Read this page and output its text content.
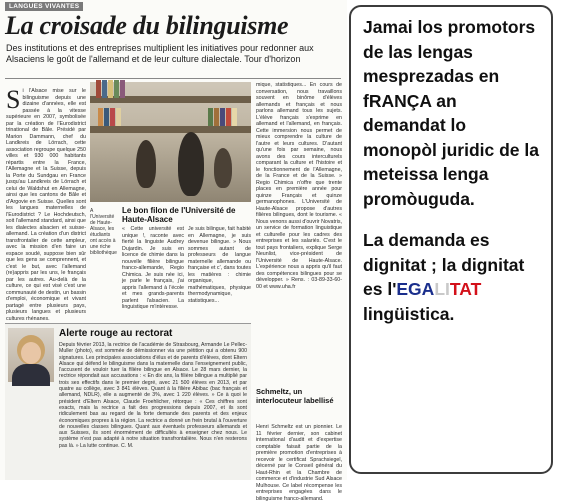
LANGUES VIVANTES
La croisade du bilinguisme
Des institutions et des entreprises multiplient les initiatives pour redonner aux Alsaciens le goût de l'allemand et de leur culture dialectale. Tour d'horizon
Si l'Alsace mise sur le bilinguisme depuis une dizaine d'années, elle est passée à la vitesse supérieure en 2007, symbolisée par la création de l'Eurodistrict trinational de Bâle. Présidé par Marion Dammann, chef du Landkreis de Lörrach, cette association regroupe quelque 250 villes et 930 000 habitants répartis entre la France, l'Allemagne et la Suisse, depuis la Porte du Sundgau en France jusqu'au Landkreis de Lörrach et celui de Waldshut en Allemagne, ainsi que les cantons de Bâle et d'Argovie en Suisse. Quelles sont les langues maternelles de l'Eurodistrict ? Le Hochdeutsch, soit l'allemand standard, ainsi que les dialectes alsacien et suisse-allemand. La création d'un district transfrontalier de cette ampleur, avec la mission d'en faire un espace soudé, suppose bien sûr que les gens se comprennent, et c'est le but, avec l'allemand (re)appris par les uns, le français par les autres. Au-delà de la culture, ce qui est visé c'est une communauté de destin, un bassin d'emploi, économique et vivant partagé entre plusieurs pays, plusieurs langues et plusieurs cultures rhénanes.
A l'Université de Haute-Alsace, les étudiants ont accès à une riche bibliothèque
Le bon filon de l'Université de Haute-Alsace
« Cette université est unique !, raconte avec fierté la linguiste Audrey Dujardin. Je suis en licence de chimie dans la nouvelle filière bilingue franco-allemande, Regio Chimica. Je suis née ici, je parle le français, j'ai appris l'allemand à l'école et mes grands-parents parlent l'alsacien. La linguistique m'intéresse.
Je suis bilingue, fait habité en Allemagne, je suis devenue bilingue. » Nous sommes autant de professeurs de langue maternelle allemande ou française et c', dans toutes les matières : chimie organique, mathématiques, physique thermodynamique, statistiques...
mique, statistiques... En cours de conversation, nous travaillons souvent en binôme d'élèves allemands et français et nous parlons allemand tous les sujets. L'élève français s'exprime en allemand et l'allemand, en français. Cette immersion nous permet de mieux comprendre la culture de l'autre et leurs cultures. D'autant qu'une fois par semaine, nous avons des cours interculturels comparant la culture et l'histoire et le fonctionnement de l'Allemagne, de la France et de la Suisse. » Regio Chimica n'offre que trente places en première année pour quinze Français et quinze germanophones. L'Université de Haute-Alsace propose d'autres filières bilingues, dont le tourisme. « Nous venons aussi d'ouvrir Novatris, un service de formation linguistique et culturelle pour les cadres des entreprises et les salariés. C'est le tout pays frontaliers, explique Serge Neunlist, vice-président de l'Université de Haute-Alsace. L'expérience nous a appris qu'il faut des compétences bilingues pour se développer. » Rens. : 03-89-33-60-00 et www.uha.fr
Schmeltz, un interlocuteur labellisé
Henri Schmeltz est un pionnier. Le 11 février dernier, son cabinet international d'audit et d'expertise comptable faisait partie de la première promotion d'entreprises à recevoir le certificat Sprachsiegel, décerné par le Conseil général du Haut-Rhin et la Chambre de commerce et d'industrie Sud Alsace Mulhouse. Ce label récompense les entreprises engagées dans le bilinguisme franco-allemand.
Alerte rouge au rectorat
Depuis février 2013, la rectrice de l'académie de Strasbourg, Armande Le Pellec-Muller (photo), est sommée de démissionner via une pétition qui a obtenu 900 signatures. Les principales associations d'élus et de parents d'élèves, dont Eltern Alsace qui défend le bilinguisme dans la maternelle dans l'enseignement public, l'accusent de vouloir tuer la filière bilingue en Alsace. Le 28 mars dernier, la rectrice répondait aux accusations : « En dix ans, la filière bilingue a multiplié par trois ses effectifs dans le premier degré, avec 21 500 élèves en 2013, et par quatre au collège, avec 3 841 élèves. Quant à la filière Abibac (bac français et allemand, NDLR), elle a augmenté de 3%, avec 1 220 élèves. » Ce à quoi le président d'Eltern Alsace, Claude Froehlicher, rétorque : « Ces chiffres sont exacts, mais la rectrice a fait des progressions depuis 2007, et ils sont ridiculement bas au regard de la forte demande des parents et des enjeux économiques propres à la région. La rectrice a donné un frein brutal à l'ouverture de nouvelles classes bilingues. Quant aux éventuels professeurs allemands et aux Suisses, ils sont énormément de difficultés à enseigner chez nous. Le système n'est pas adapté à notre situation transfrontalière. Nous n'en resterons pas là. » La lutte continue. C. M.

Jamai los promotors de las lengas mesprezadas en fRANÇA an demandat lo monopòl juridic de la meteissa lenga promòuguda.

La demanda es dignitat ; la dignitat es l'EGALITAT lingüistica.
